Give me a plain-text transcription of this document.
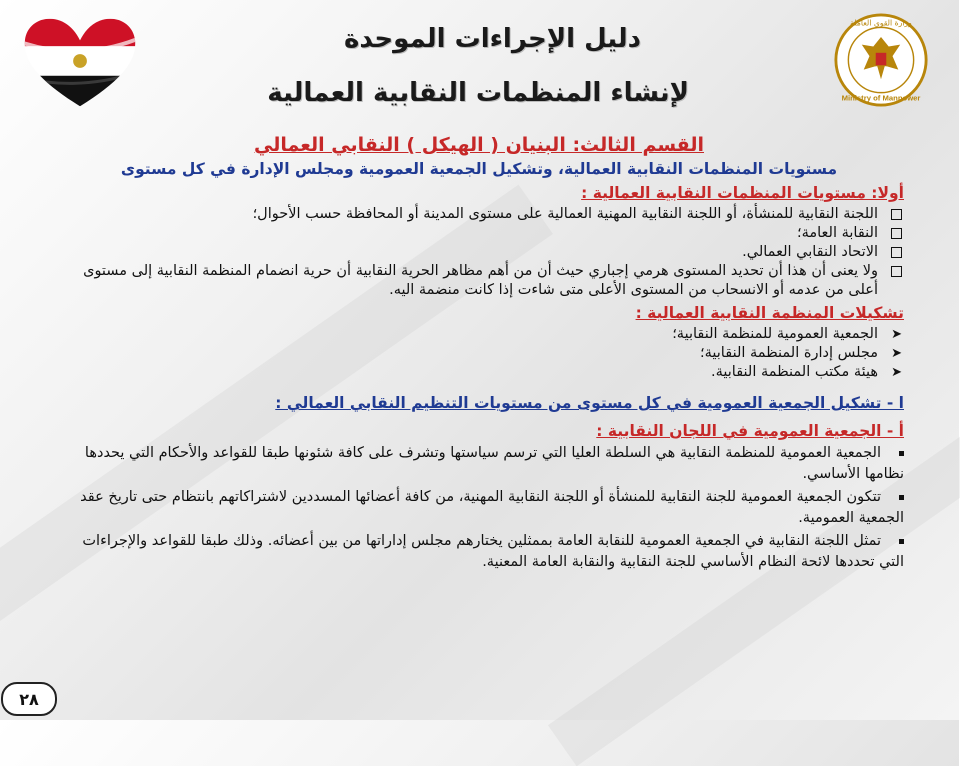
دليل الإجراءات الموحدة
لإنشاء المنظمات النقابية العمالية	Ministry of Manpower
وزارة القوى العاملة
القسم الثالث: البنيان ( الهيكل ) النقابي العمالي
مستويات المنظمات النقابية العمالية، وتشكيل الجمعية العمومية ومجلس الإدارة في كل مستوى
أولا: مستويات المنظمات النقابية العمالية :
اللجنة النقابية للمنشأة، أو اللجنة النقابية المهنية العمالية على مستوى المدينة أو المحافظة حسب الأحوال؛
النقابة العامة؛
الاتحاد النقابي العمالي.
ولا يعنى أن هذا أن تحديد المستوى هرمي إجباري حيث أن من أهم مظاهر الحرية النقابية أن حرية انضمام المنظمة النقابية إلى مستوى أعلى من عدمه أو الانسحاب من المستوى الأعلى متى شاءت إذا كانت منضمة اليه.
تشكيلات المنظمة النقابية العمالية :
➤
الجمعية العمومية للمنظمة النقابية؛
➤
مجلس إدارة المنظمة النقابية؛
➤
هيئة مكتب المنظمة النقابية.
ا - تشكيل الجمعية العمومية في كل مستوى من مستويات التنظيم النقابي العمالي :
أ - الجمعية العمومية في اللجان النقابية :

الجمعية العمومية للمنظمة النقابية هي السلطة العليا التي ترسم سياستها وتشرف على كافة شئونها طبقا للقواعد والأحكام التي يحددها نظامها الأساسي.

تتكون الجمعية العمومية للجنة النقابية للمنشأة أو اللجنة النقابية المهنية، من كافة أعضائها المسددين لاشتراكاتهم بانتظام حتى تاريخ عقد الجمعية العمومية.

تمثل اللجنة النقابية في الجمعية العمومية للنقابة العامة بممثلين يختارهم مجلس إداراتها من بين أعضائه. وذلك طبقا للقواعد والإجراءات التي تحددها لائحة النظام الأساسي للجنة النقابية والنقابة العامة المعنية.

٢٨
